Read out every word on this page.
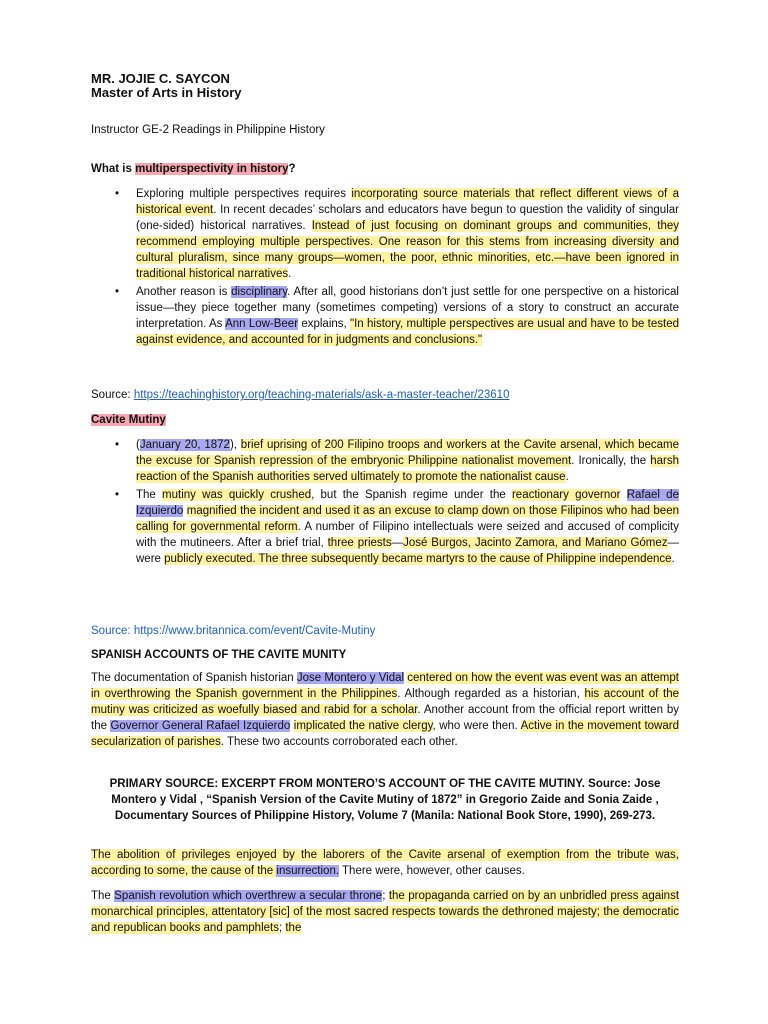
MR. JOJIE C. SAYCON
Master of Arts in History
Instructor GE-2 Readings in Philippine History
What is multiperspectivity in history?
• Exploring multiple perspectives requires incorporating source materials that reflect different views of a historical event. In recent decades’ scholars and educators have begun to question the validity of singular (one-sided) historical narratives. Instead of just focusing on dominant groups and communities, they recommend employing multiple perspectives. One reason for this stems from increasing diversity and cultural pluralism, since many groups—women, the poor, ethnic minorities, etc.—have been ignored in traditional historical narratives.
• Another reason is disciplinary. After all, good historians don’t just settle for one perspective on a historical issue—they piece together many (sometimes competing) versions of a story to construct an accurate interpretation. As Ann Low-Beer explains, "In history, multiple perspectives are usual and have to be tested against evidence, and accounted for in judgments and conclusions."
Source: https://teachinghistory.org/teaching-materials/ask-a-master-teacher/23610
Cavite Mutiny
• (January 20, 1872), brief uprising of 200 Filipino troops and workers at the Cavite arsenal, which became the excuse for Spanish repression of the embryonic Philippine nationalist movement. Ironically, the harsh reaction of the Spanish authorities served ultimately to promote the nationalist cause.
• The mutiny was quickly crushed, but the Spanish regime under the reactionary governor Rafael de Izquierdo magnified the incident and used it as an excuse to clamp down on those Filipinos who had been calling for governmental reform. A number of Filipino intellectuals were seized and accused of complicity with the mutineers. After a brief trial, three priests—José Burgos, Jacinto Zamora, and Mariano Gómez—were publicly executed. The three subsequently became martyrs to the cause of Philippine independence.
Source: https://www.britannica.com/event/Cavite-Mutiny
SPANISH ACCOUNTS OF THE CAVITE MUNITY
The documentation of Spanish historian Jose Montero y Vidal centered on how the event was event was an attempt in overthrowing the Spanish government in the Philippines. Although regarded as a historian, his account of the mutiny was criticized as woefully biased and rabid for a scholar. Another account from the official report written by the Governor General Rafael Izquierdo implicated the native clergy, who were then. Active in the movement toward secularization of parishes. These two accounts corroborated each other.
PRIMARY SOURCE: EXCERPT FROM MONTERO’S ACCOUNT OF THE CAVITE MUTINY. Source: Jose Montero y Vidal , “Spanish Version of the Cavite Mutiny of 1872” in Gregorio Zaide and Sonia Zaide , Documentary Sources of Philippine History, Volume 7 (Manila: National Book Store, 1990), 269-273.
The abolition of privileges enjoyed by the laborers of the Cavite arsenal of exemption from the tribute was, according to some, the cause of the insurrection. There were, however, other causes.
The Spanish revolution which overthrew a secular throne; the propaganda carried on by an unbridled press against monarchical principles, attentatory [sic] of the most sacred respects towards the dethroned majesty; the democratic and republican books and pamphlets; the
